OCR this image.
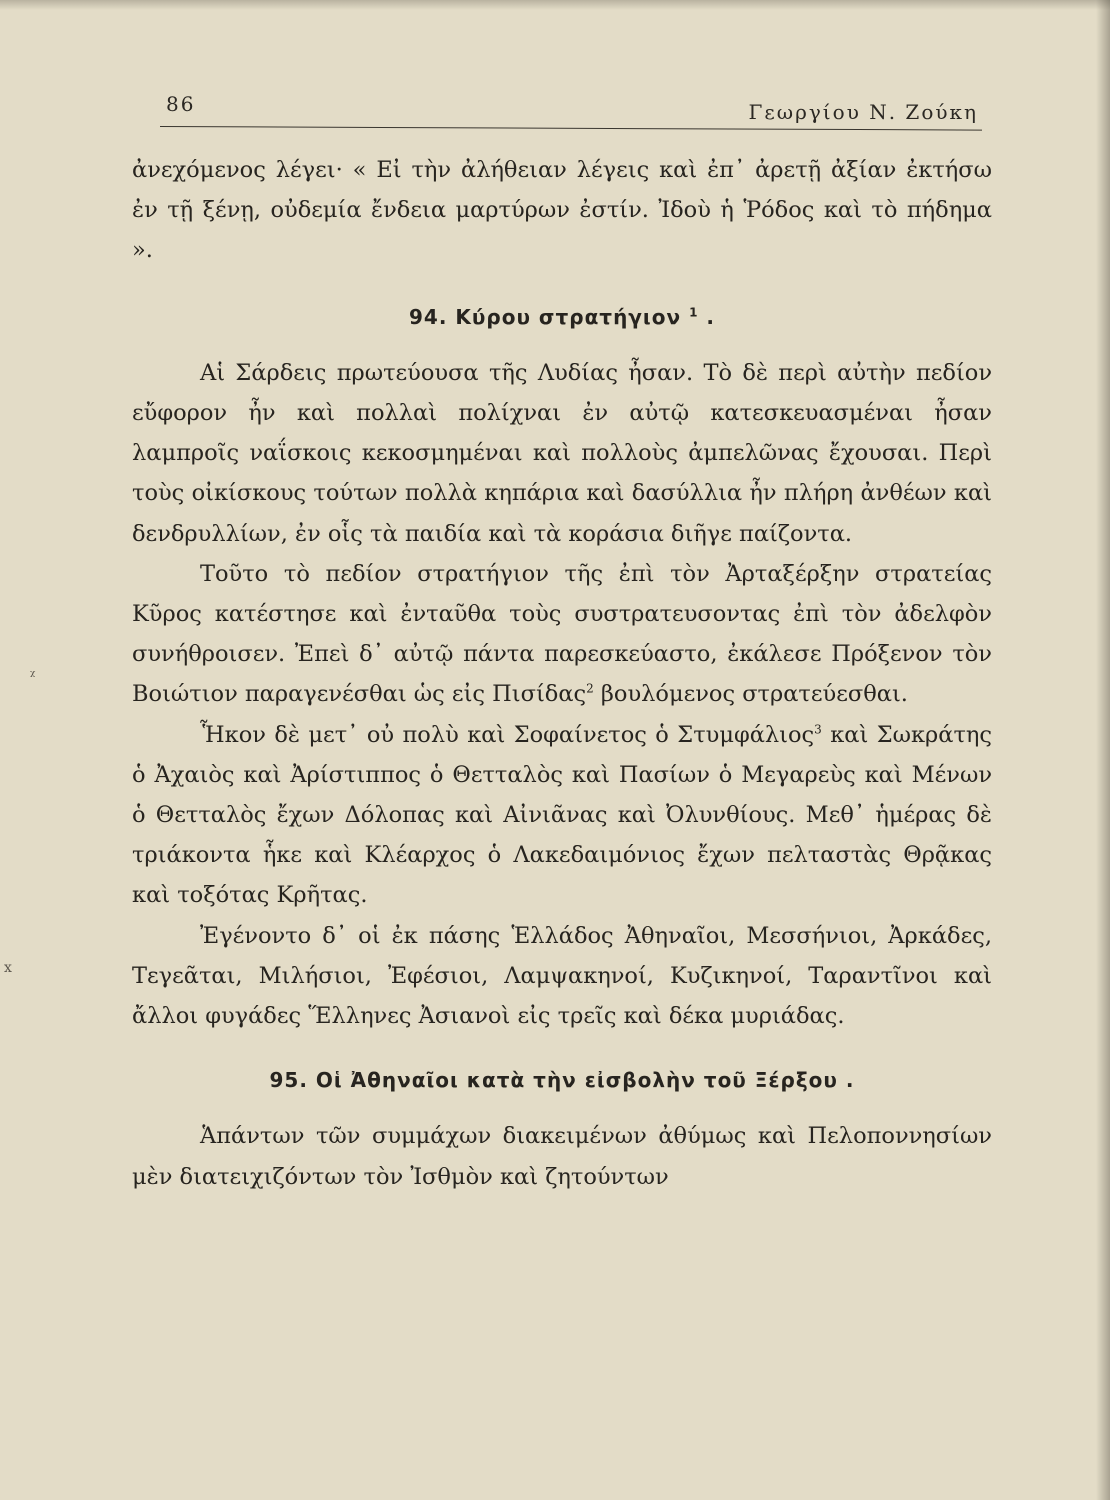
86	Γεωργίου Ν. Ζούκη
ᵡ
x

ἀνεχόμενος λέγει· « Εἰ τὴν ἀλήθειαν λέγεις καὶ ἐπ᾽ ἀρετῇ ἀξίαν ἐκτήσω ἐν τῇ ξένῃ, οὐδεμία ἔνδεια μαρτύρων ἐστίν. Ἰδοὺ ἡ Ῥόδος καὶ τὸ πήδημα ».

94. Κύρου στρατήγιον $^1$ .

Αἱ Σάρδεις πρωτεύουσα τῆς Λυδίας ἦσαν. Τὸ δὲ περὶ αὐτὴν πεδίον εὔφορον ἦν καὶ πολλαὶ πολίχναι ἐν αὐτῷ κατεσκευασμέναι ἦσαν λαμπροῖς ναΐσκοις κεκοσμημέναι καὶ πολλοὺς ἀμπελῶνας ἔχουσαι. Περὶ τοὺς οἰκίσκους τούτων πολλὰ κηπάρια καὶ δασύλλια ἦν πλήρη ἀνθέων καὶ δενδρυλλίων, ἐν οἷς τὰ παιδία καὶ τὰ κοράσια διῆγε παίζοντα.

Τοῦτο τὸ πεδίον στρατήγιον τῆς ἐπὶ τὸν Ἀρταξέρξην στρατείας Κῦρος κατέστησε καὶ ἐνταῦθα τοὺς συστρατευσοντας ἐπὶ τὸν ἀδελφὸν συνήθροισεν. Ἐπεὶ δ᾽ αὐτῷ πάντα παρεσκεύαστο, ἐκάλεσε Πρόξενον τὸν Βοιώτιον παραγενέσθαι ὡς εἰς Πισίδας$^2$ βουλόμενος στρατεύεσθαι.

Ἧκον δὲ μετ᾽ οὐ πολὺ καὶ Σοφαίνετος ὁ Στυμφάλιος$^3$ καὶ Σωκράτης ὁ Ἀχαιὸς καὶ Ἀρίστιππος ὁ Θετταλὸς καὶ Πασίων ὁ Μεγαρεὺς καὶ Μένων ὁ Θετταλὸς ἔχων Δόλοπας καὶ Αἰνιᾶνας καὶ Ὀλυνθίους. Μεθ᾽ ἡμέρας δὲ τριάκοντα ἧκε καὶ Κλέαρχος ὁ Λακεδαιμόνιος ἔχων πελταστὰς Θρᾷκας καὶ τοξότας Κρῆτας.

Ἐγένοντο δ᾽ οἱ ἐκ πάσης Ἑλλάδος Ἀθηναῖοι, Μεσσήνιοι, Ἀρκάδες, Τεγεᾶται, Μιλήσιοι, Ἐφέσιοι, Λαμψακηνοί, Κυζικηνοί, Ταραντῖνοι καὶ ἄλλοι φυγάδες Ἕλληνες Ἀσιανοὶ εἰς τρεῖς καὶ δέκα μυριάδας.

95. Οἱ Ἀθηναῖοι κατὰ τὴν εἰσβολὴν τοῦ Ξέρξου .

Ἁπάντων τῶν συμμάχων διακειμένων ἀθύμως καὶ Πελοποννησίων μὲν διατειχιζόντων τὸν Ἰσθμὸν καὶ ζητούντων
